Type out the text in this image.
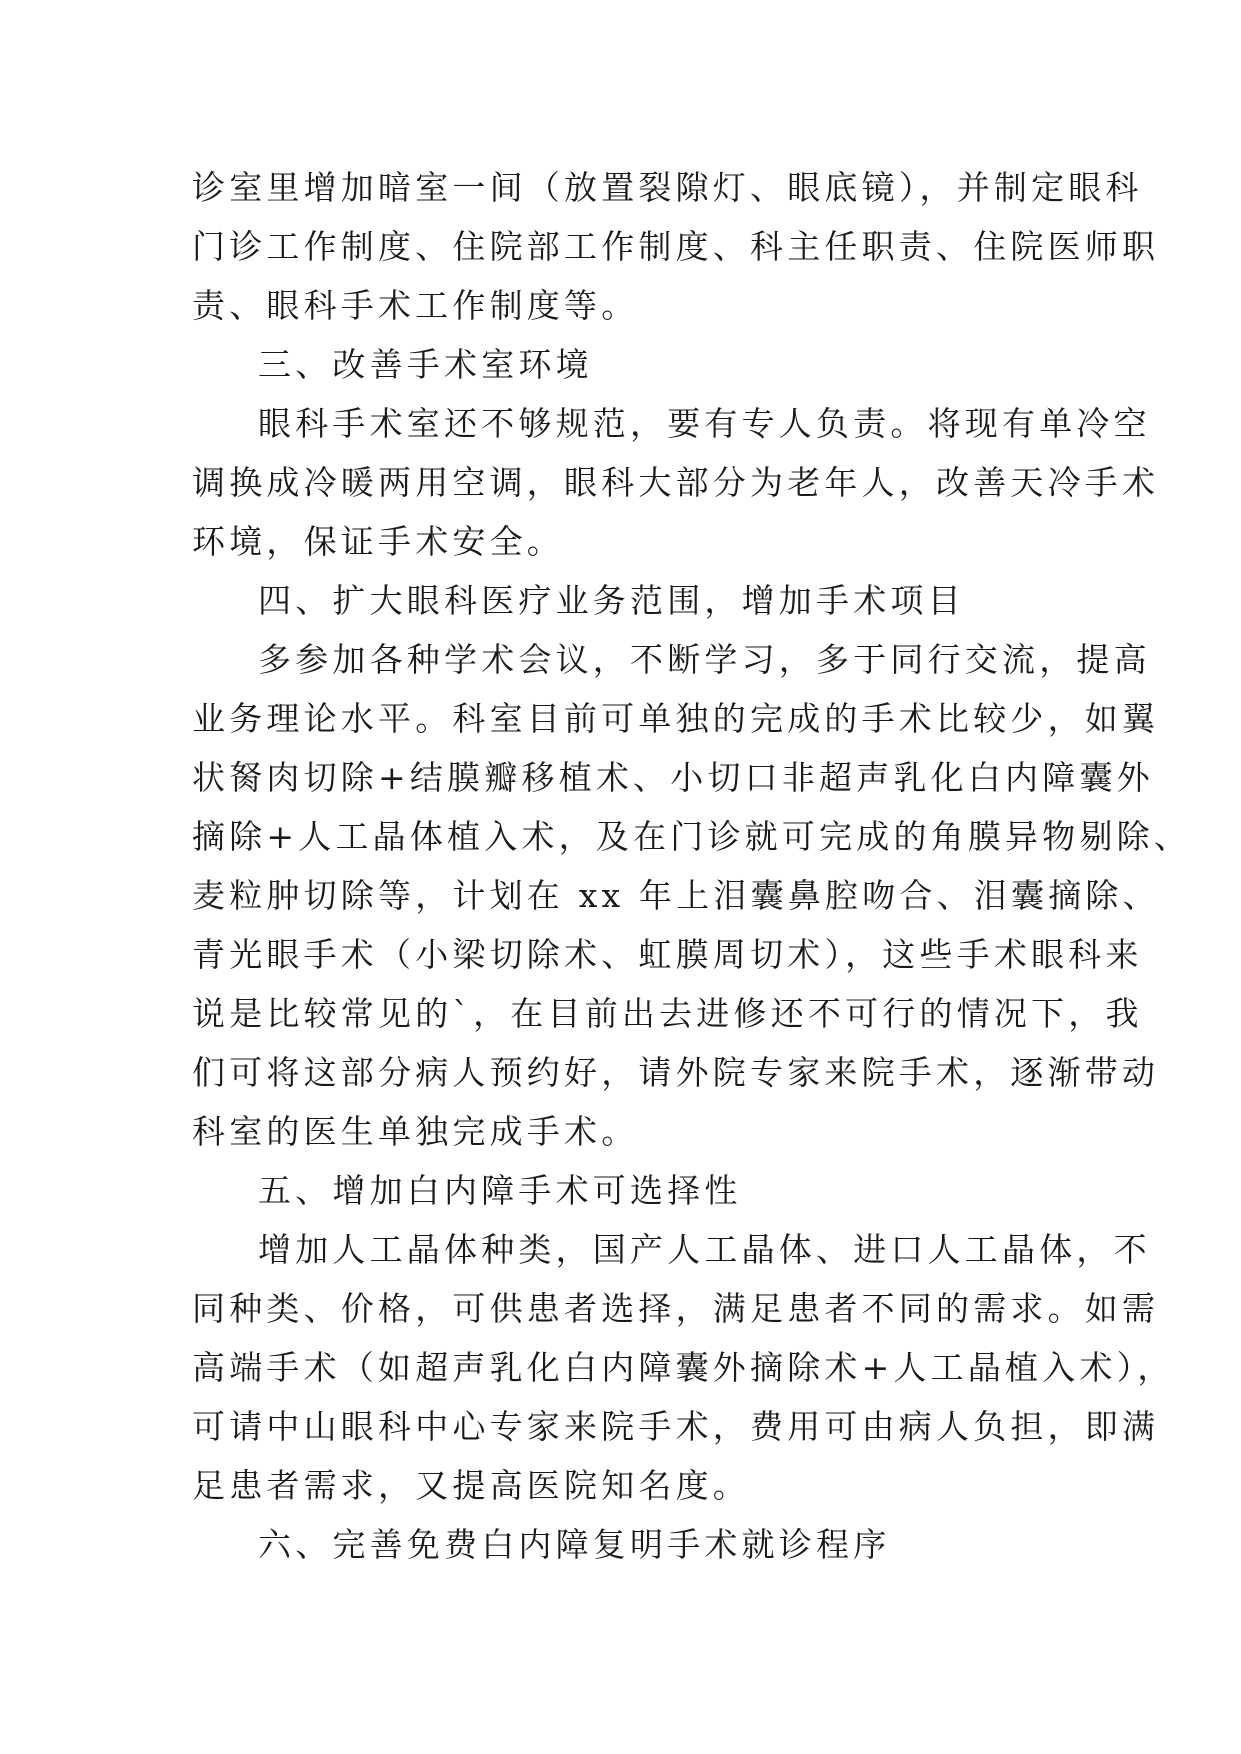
诊室里增加暗室一间（放置裂隙灯、眼底镜），并制定眼科
门诊工作制度、住院部工作制度、科主任职责、住院医师职
责、眼科手术工作制度等。
三、改善手术室环境
眼科手术室还不够规范，要有专人负责。将现有单冷空
调换成冷暖两用空调，眼科大部分为老年人，改善天冷手术
环境，保证手术安全。
四、扩大眼科医疗业务范围，增加手术项目
多参加各种学术会议，不断学习，多于同行交流，提高
业务理论水平。科室目前可单独的完成的手术比较少，如翼
状胬肉切除+结膜瓣移植术、小切口非超声乳化白内障囊外
摘除+人工晶体植入术，及在门诊就可完成的角膜异物剔除、
麦粒肿切除等，计划在 xx 年上泪囊鼻腔吻合、泪囊摘除、
青光眼手术（小梁切除术、虹膜周切术），这些手术眼科来
说是比较常见的`，在目前出去进修还不可行的情况下，我
们可将这部分病人预约好，请外院专家来院手术，逐渐带动
科室的医生单独完成手术。
五、增加白内障手术可选择性
增加人工晶体种类，国产人工晶体、进口人工晶体，不
同种类、价格，可供患者选择，满足患者不同的需求。如需
高端手术（如超声乳化白内障囊外摘除术+人工晶植入术），
可请中山眼科中心专家来院手术，费用可由病人负担，即满
足患者需求，又提高医院知名度。
六、完善免费白内障复明手术就诊程序
